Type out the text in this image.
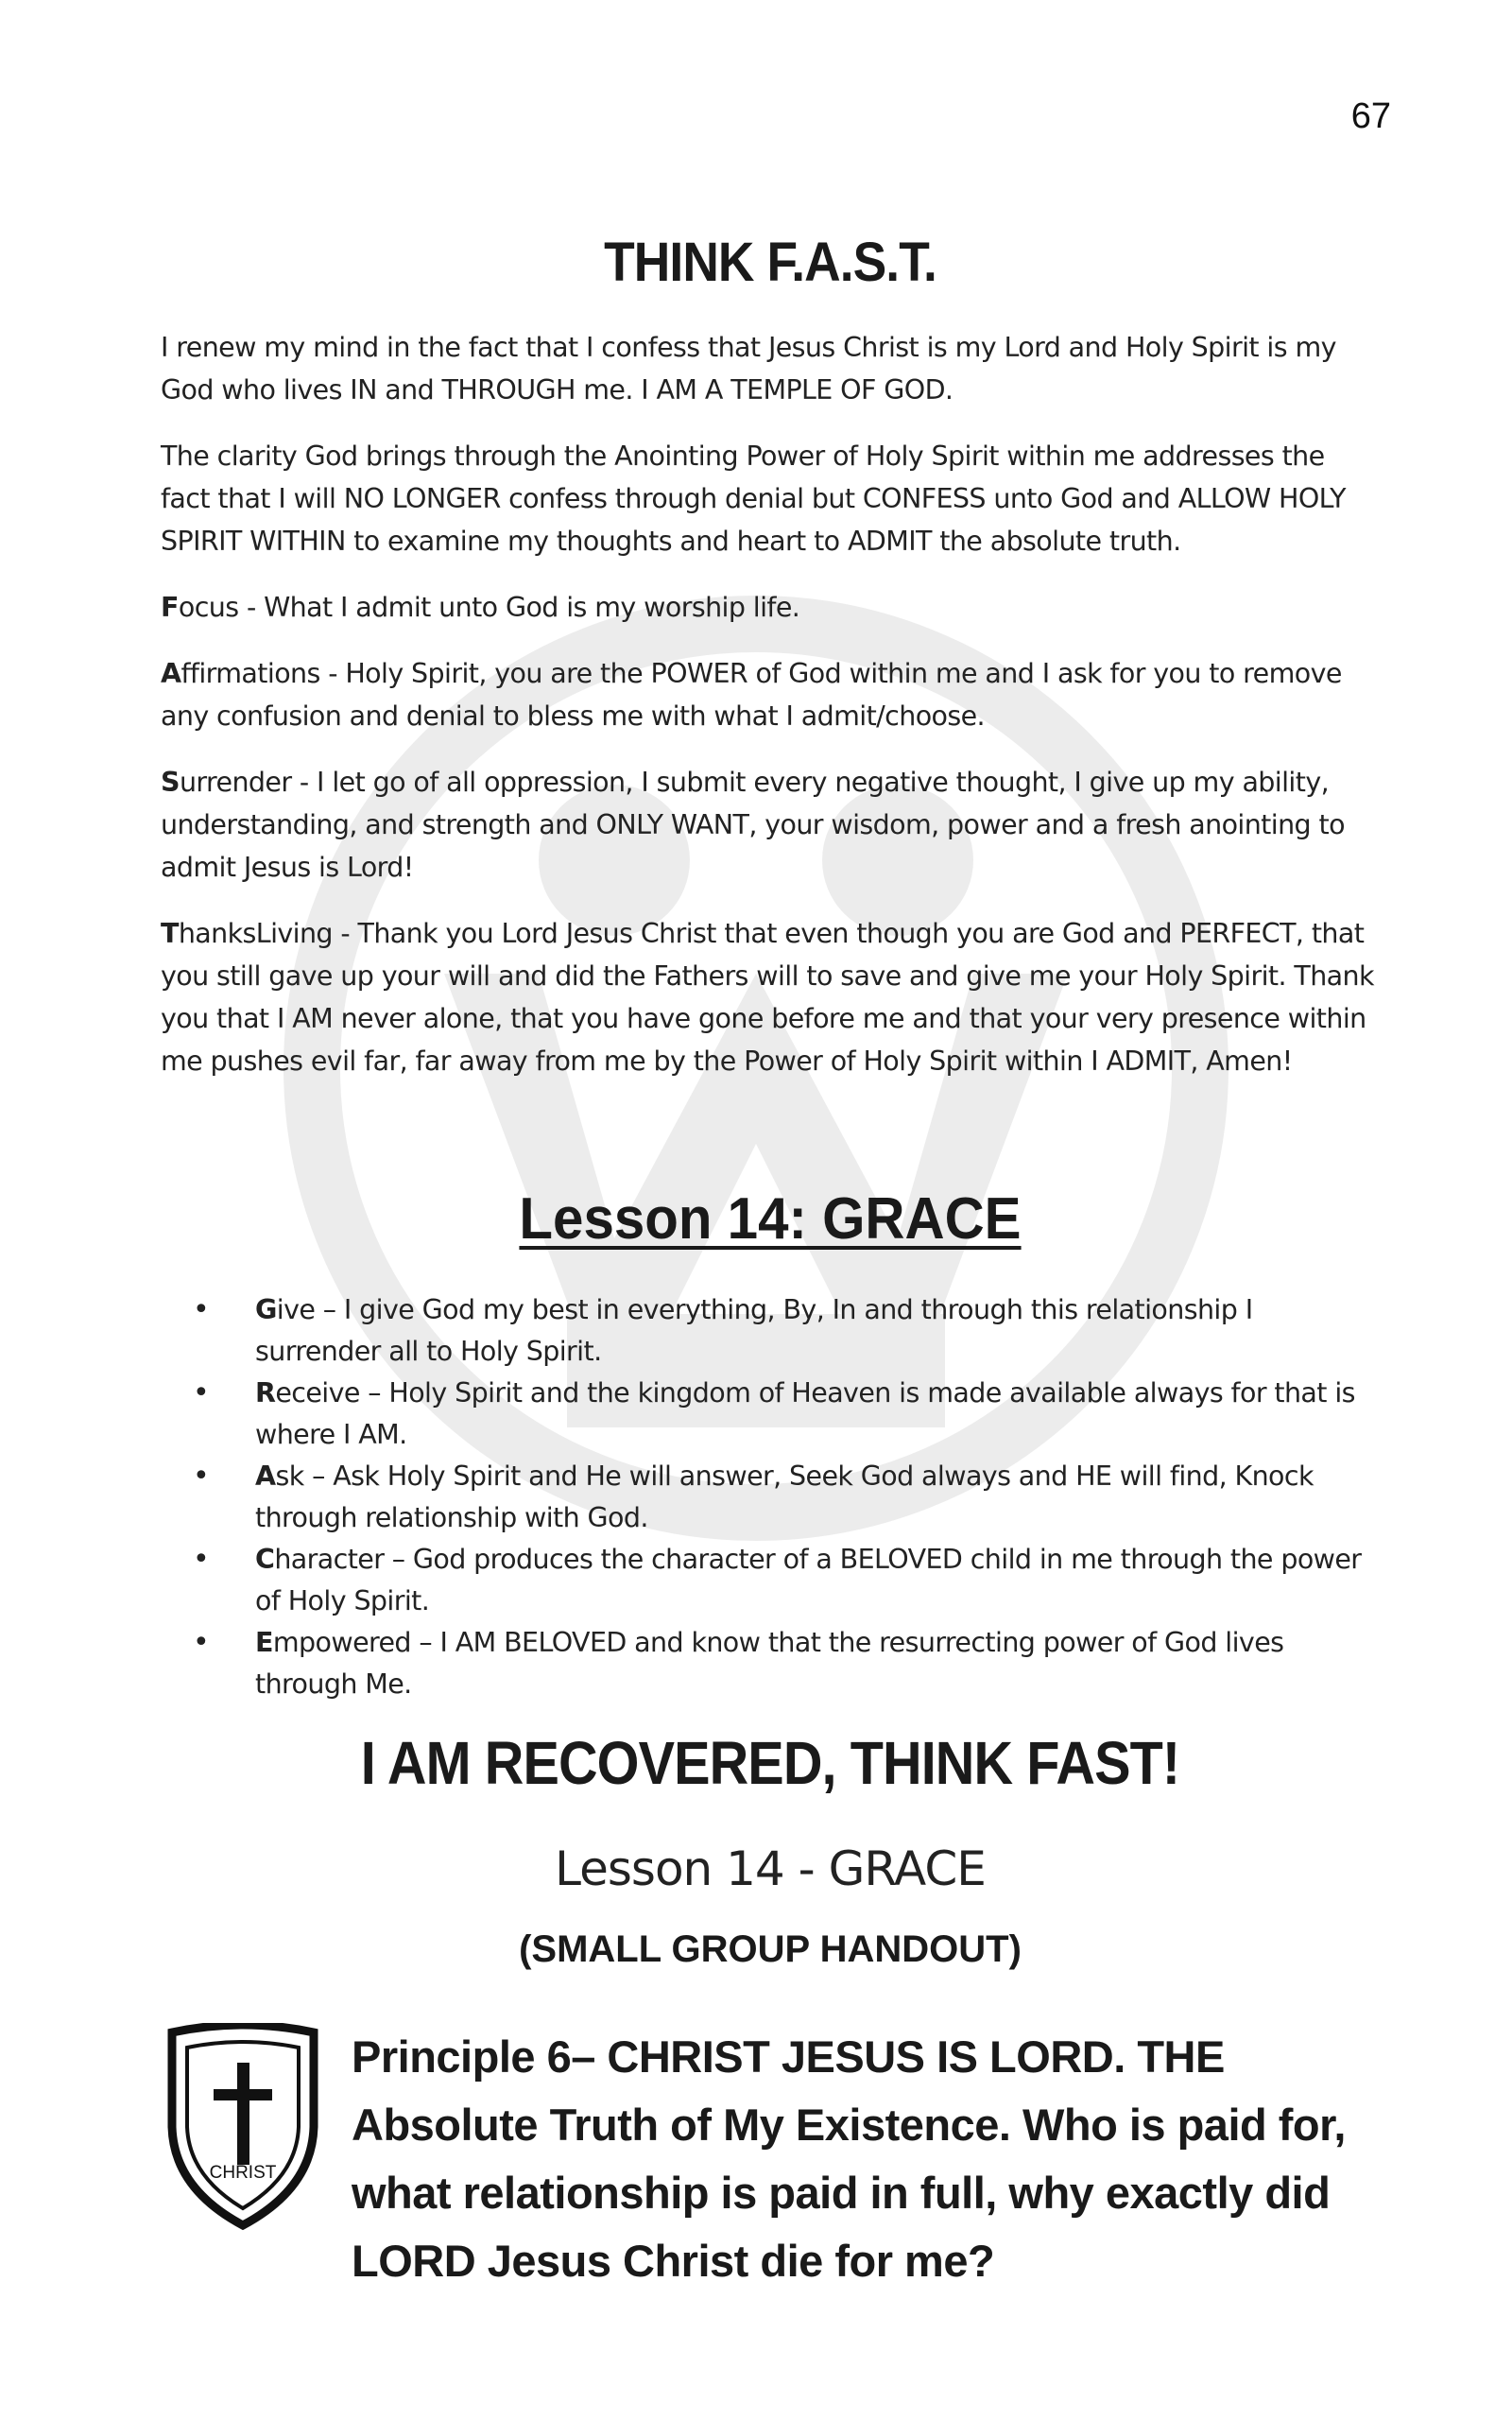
67
THINK F.A.S.T.

I renew my mind in the fact that I confess that Jesus Christ is my Lord and Holy Spirit is my God who lives IN and THROUGH me. I AM A TEMPLE OF GOD.

The clarity God brings through the Anointing Power of Holy Spirit within me addresses the fact that I will NO LONGER confess through denial but CONFESS unto God and ALLOW HOLY SPIRIT WITHIN to examine my thoughts and heart to ADMIT the absolute truth.

Focus - What I admit unto God is my worship life.

Affirmations - Holy Spirit, you are the POWER of God within me and I ask for you to remove any confusion and denial to bless me with what I admit/choose.

Surrender - I let go of all oppression, I submit every negative thought, I give up my ability, understanding, and strength and ONLY WANT, your wisdom, power and a fresh anointing to admit Jesus is Lord!

ThanksLiving - Thank you Lord Jesus Christ that even though you are God and PERFECT, that you still gave up your will and did the Fathers will to save and give me your Holy Spirit. Thank you that I AM never alone, that you have gone before me and that your very presence within me pushes evil far, far away from me by the Power of Holy Spirit within I ADMIT, Amen!

Lesson 14: GRACE
• Give – I give God my best in everything, By, In and through this relationship I surrender all to Holy Spirit.
• Receive – Holy Spirit and the kingdom of Heaven is made available always for that is where I AM.
• Ask – Ask Holy Spirit and He will answer, Seek God always and HE will find, Knock through relationship with God.
• Character – God produces the character of a BELOVED child in me through the power of Holy Spirit.
• Empowered – I AM BELOVED and know that the resurrecting power of God lives through Me.
I AM RECOVERED, THINK FAST!
Lesson 14 - GRACE
(SMALL GROUP HANDOUT)
CHRIST
Principle 6– CHRIST JESUS IS LORD. THE Absolute Truth of My Existence. Who is paid for, what relationship is paid in full, why exactly did LORD Jesus Christ die for me?
